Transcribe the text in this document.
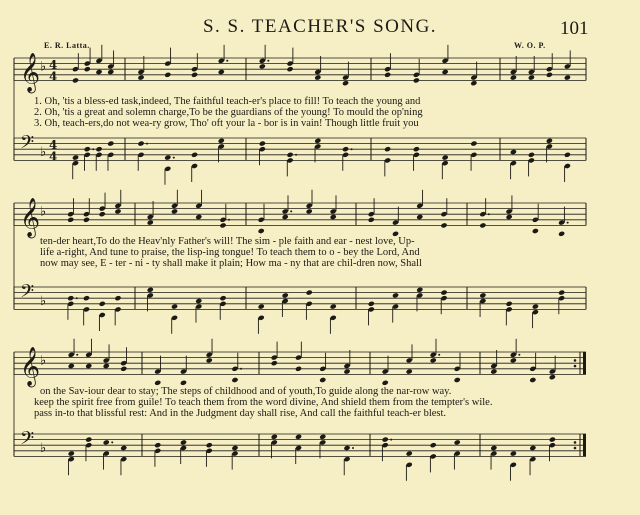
S. S. TEACHER'S SONG.	101
E. R. Latta.	W. O. P.
𝄞 ♭ 4
4
𝄢 ♭ 4
4
𝄞 ♭
𝄢 ♭
𝄞 ♭
𝄢 ♭
1. Oh, 'tis a bless-ed task,indeed, The faithful teach-er's place to fill! To teach the young and
2. Oh, 'tis a great and solemn charge,To be the guardians of the young! To mould the op'ning
3. Oh, teach-ers,do not wea-ry grow, Tho' oft your la - bor is in vain! Though little fruit you
ten-der heart,To do the Heav'nly Father's will! The sim - ple faith and ear - nest love, Up-
life a-right, And tune to praise, the lisp-ing tongue! To teach them to o - bey the Lord, And
now may see, E - ter - ni - ty shall make it plain; How ma - ny that are chil-dren now, Shall
on the Sav-iour dear to stay; The steps of childhood and of youth,To guide along the nar-row way.
keep the spirit free from guile! To teach them from the word divine, And shield them from the tempter's wile.
pass in-to that blissful rest: And in the Judgment day shall rise, And call the faithful teach-er blest.
